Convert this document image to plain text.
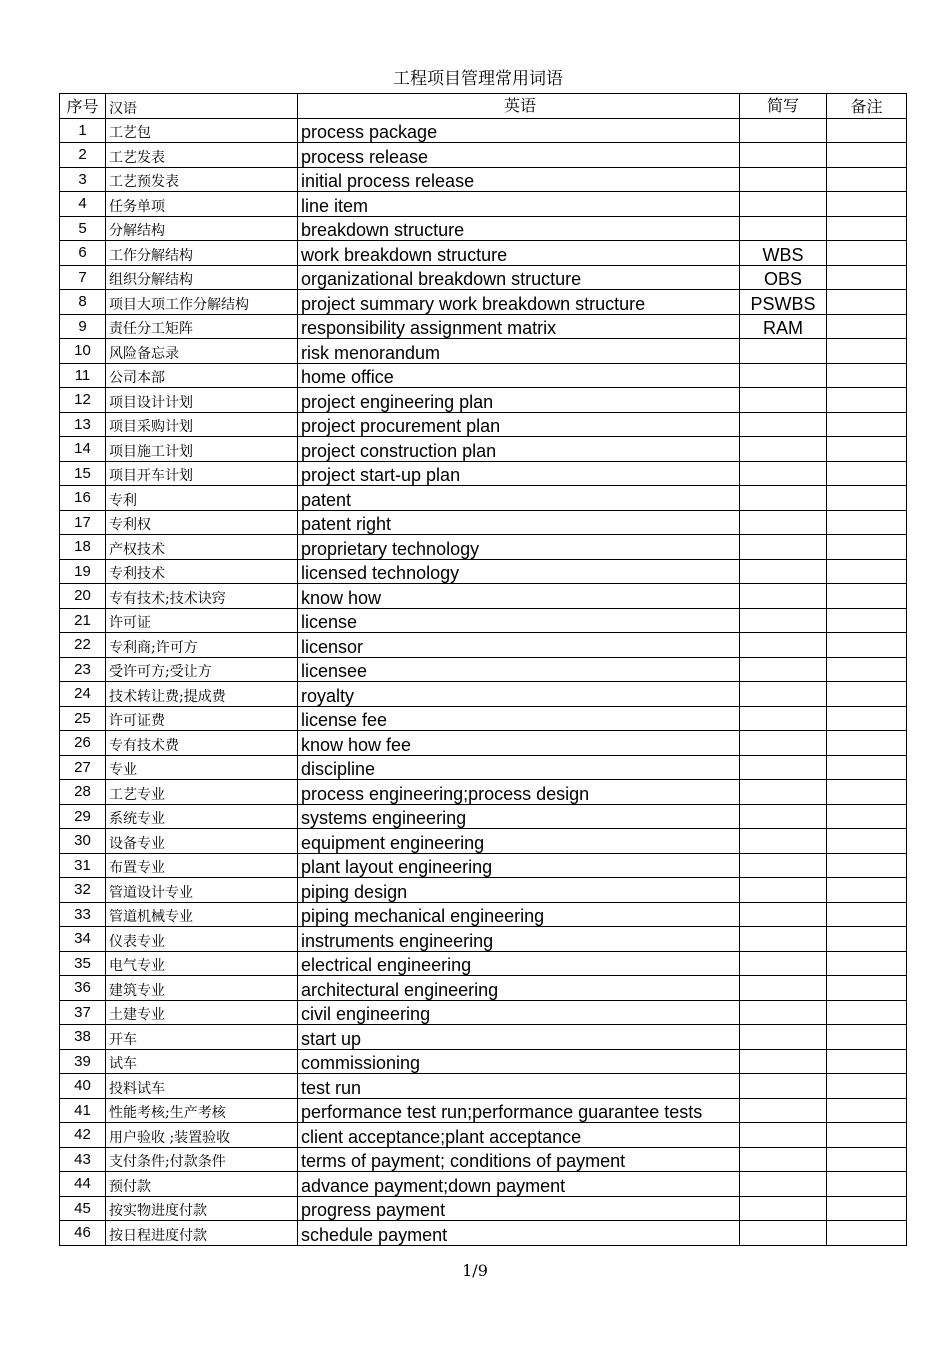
工程项目管理常用词语
序号	汉语	英语	简写	备注
1	工艺包	process package		
2	工艺发表	process release		
3	工艺预发表	initial process release		
4	任务单项	line item		
5	分解结构	breakdown structure		
6	工作分解结构	work breakdown structure	WBS	
7	组织分解结构	organizational breakdown structure	OBS	
8	项目大项工作分解结构	project summary work breakdown structure	PSWBS	
9	责任分工矩阵	responsibility assignment matrix	RAM	
10	风险备忘录	risk menorandum		
11	公司本部	home office		
12	项目设计计划	project engineering plan		
13	项目采购计划	project procurement plan		
14	项目施工计划	project construction plan		
15	项目开车计划	project start-up plan		
16	专利	patent		
17	专利权	patent right		
18	产权技术	proprietary technology		
19	专利技术	licensed technology		
20	专有技术;技术诀窍	know how		
21	许可证	license		
22	专利商;许可方	licensor		
23	受许可方;受让方	licensee		
24	技术转让费;提成费	royalty		
25	许可证费	license fee		
26	专有技术费	know how fee		
27	专业	discipline		
28	工艺专业	process engineering;process design		
29	系统专业	systems engineering		
30	设备专业	equipment engineering		
31	布置专业	plant layout engineering		
32	管道设计专业	piping design		
33	管道机械专业	piping mechanical engineering		
34	仪表专业	instruments engineering		
35	电气专业	electrical engineering		
36	建筑专业	architectural engineering		
37	土建专业	civil engineering		
38	开车	start up		
39	试车	commissioning		
40	投料试车	test run		
41	性能考核;生产考核	performance test run;performance guarantee tests		
42	用户验收 ;装置验收	client acceptance;plant acceptance		
43	支付条件;付款条件	terms of payment; conditions of payment		
44	预付款	advance payment;down payment		
45	按实物进度付款	progress payment		
46	按日程进度付款	schedule payment		
1/9
